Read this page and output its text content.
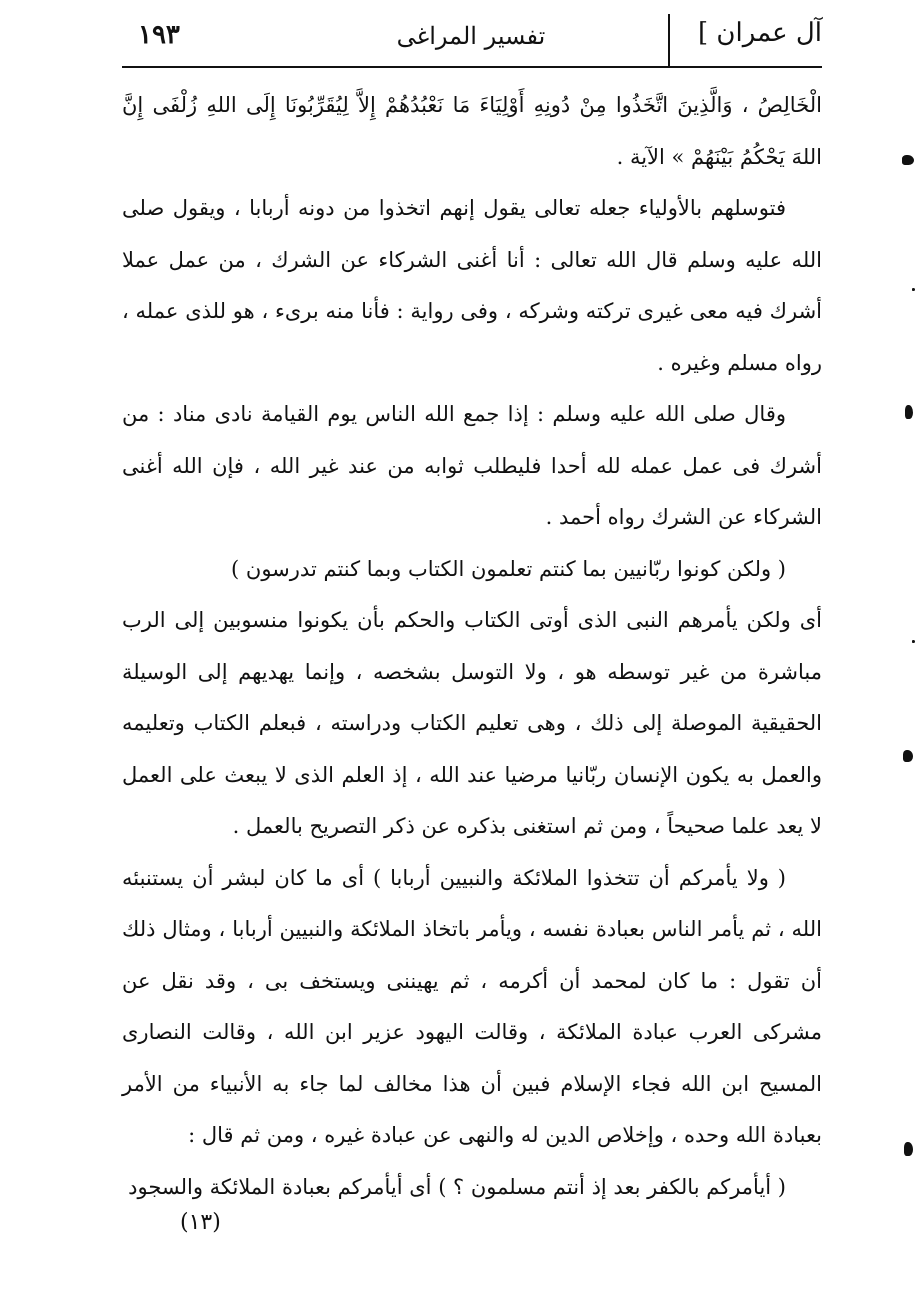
١٩٣	تفسير المراغى	آل عمران ]

الْخَالِصُ ، وَالَّذِينَ اتَّخَذُوا مِنْ دُونِهِ أَوْلِيَاءَ مَا نَعْبُدُهُمْ إِلاَّ لِيُقَرِّبُونَا إِلَى اللهِ زُلْفَى إِنَّ اللهَ يَحْكُمُ بَيْنَهُمْ » الآية .

فتوسلهم بالأولياء جعله تعالى يقول إنهم اتخذوا من دونه أربابا ، ويقول صلى الله عليه وسلم قال الله تعالى : أنا أغنى الشركاء عن الشرك ، من عمل عملا أشرك فيه معى غيرى تركته وشركه ، وفى رواية : فأنا منه برىء ، هو للذى عمله ، رواه مسلم وغيره .

وقال صلى الله عليه وسلم : إذا جمع الله الناس يوم القيامة نادى مناد : من أشرك فى عمل عمله لله أحدا فليطلب ثوابه من عند غير الله ، فإن الله أغنى الشركاء عن الشرك رواه أحمد .

( ولكن كونوا ربّانيين بما كنتم تعلمون الكتاب وبما كنتم تدرسون )

أى ولكن يأمرهم النبى الذى أوتى الكتاب والحكم بأن يكونوا منسوبين إلى الرب مباشرة من غير توسطه هو ، ولا التوسل بشخصه ، وإنما يهديهم إلى الوسيلة الحقيقية الموصلة إلى ذلك ، وهى تعليم الكتاب ودراسته ، فبعلم الكتاب وتعليمه والعمل به يكون الإنسان ربّانيا مرضيا عند الله ، إذ العلم الذى لا يبعث على العمل لا يعد علما صحيحاً ، ومن ثم استغنى بذكره عن ذكر التصريح بالعمل .

( ولا يأمركم أن تتخذوا الملائكة والنبيين أربابا ) أى ما كان لبشر أن يستنبئه الله ، ثم يأمر الناس بعبادة نفسه ، ويأمر باتخاذ الملائكة والنبيين أربابا ، ومثال ذلك أن تقول : ما كان لمحمد أن أكرمه ، ثم يهيننى ويستخف بى ، وقد نقل عن مشركى العرب عبادة الملائكة ، وقالت اليهود عزير ابن الله ، وقالت النصارى المسيح ابن الله فجاء الإسلام فبين أن هذا مخالف لما جاء به الأنبياء من الأمر بعبادة الله وحده ، وإخلاص الدين له والنهى عن عبادة غيره ، ومن ثم قال :

( أيأمركم بالكفر بعد إذ أنتم مسلمون ؟ ) أى أيأمركم بعبادة الملائكة والسجود

(١٣)
